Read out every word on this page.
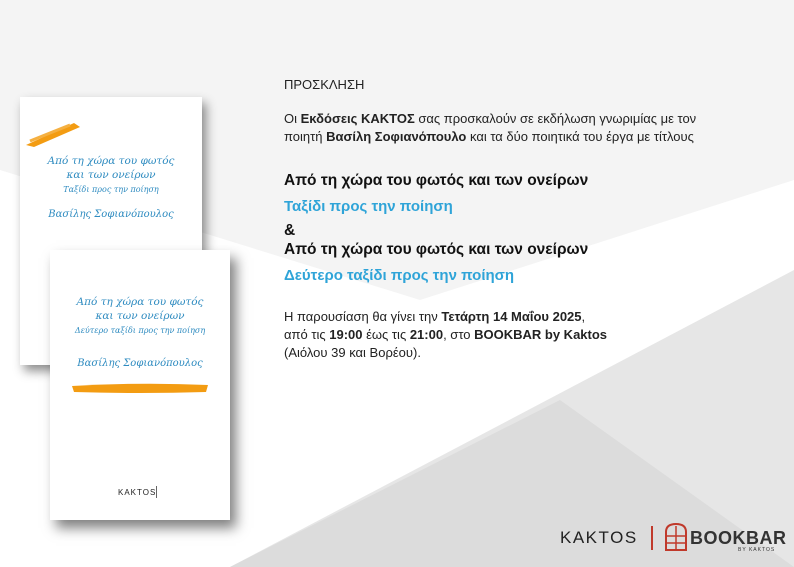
Από τη χώρα του φωτός
και των ονείρων
Ταξίδι προς την ποίηση
Βασίλης Σοφιανόπουλος
Από τη χώρα του φωτός
και των ονείρων
Δεύτερο ταξίδι προς την ποίηση
Βασίλης Σοφιανόπουλος
KAKTOS
ΠΡΟΣΚΛΗΣΗ
Οι Εκδόσεις ΚΑΚΤΟΣ σας προσκαλούν σε εκδήλωση γνωριμίας με τον
ποιητή Βασίλη Σοφιανόπουλο και τα δύο ποιητικά του έργα με τίτλους
Από τη χώρα του φωτός και των ονείρων
Ταξίδι προς την ποίηση
&
Από τη χώρα του φωτός και των ονείρων
Δεύτερο ταξίδι προς την ποίηση
Η παρουσίαση θα γίνει την Τετάρτη 14 Μαΐου 2025,
από τις 19:00 έως τις 21:00, στο BOOKBAR by Kaktos
(Αιόλου 39 και Βορέου).
KAKTOS	BOOKBAR
BY KAKTOS
